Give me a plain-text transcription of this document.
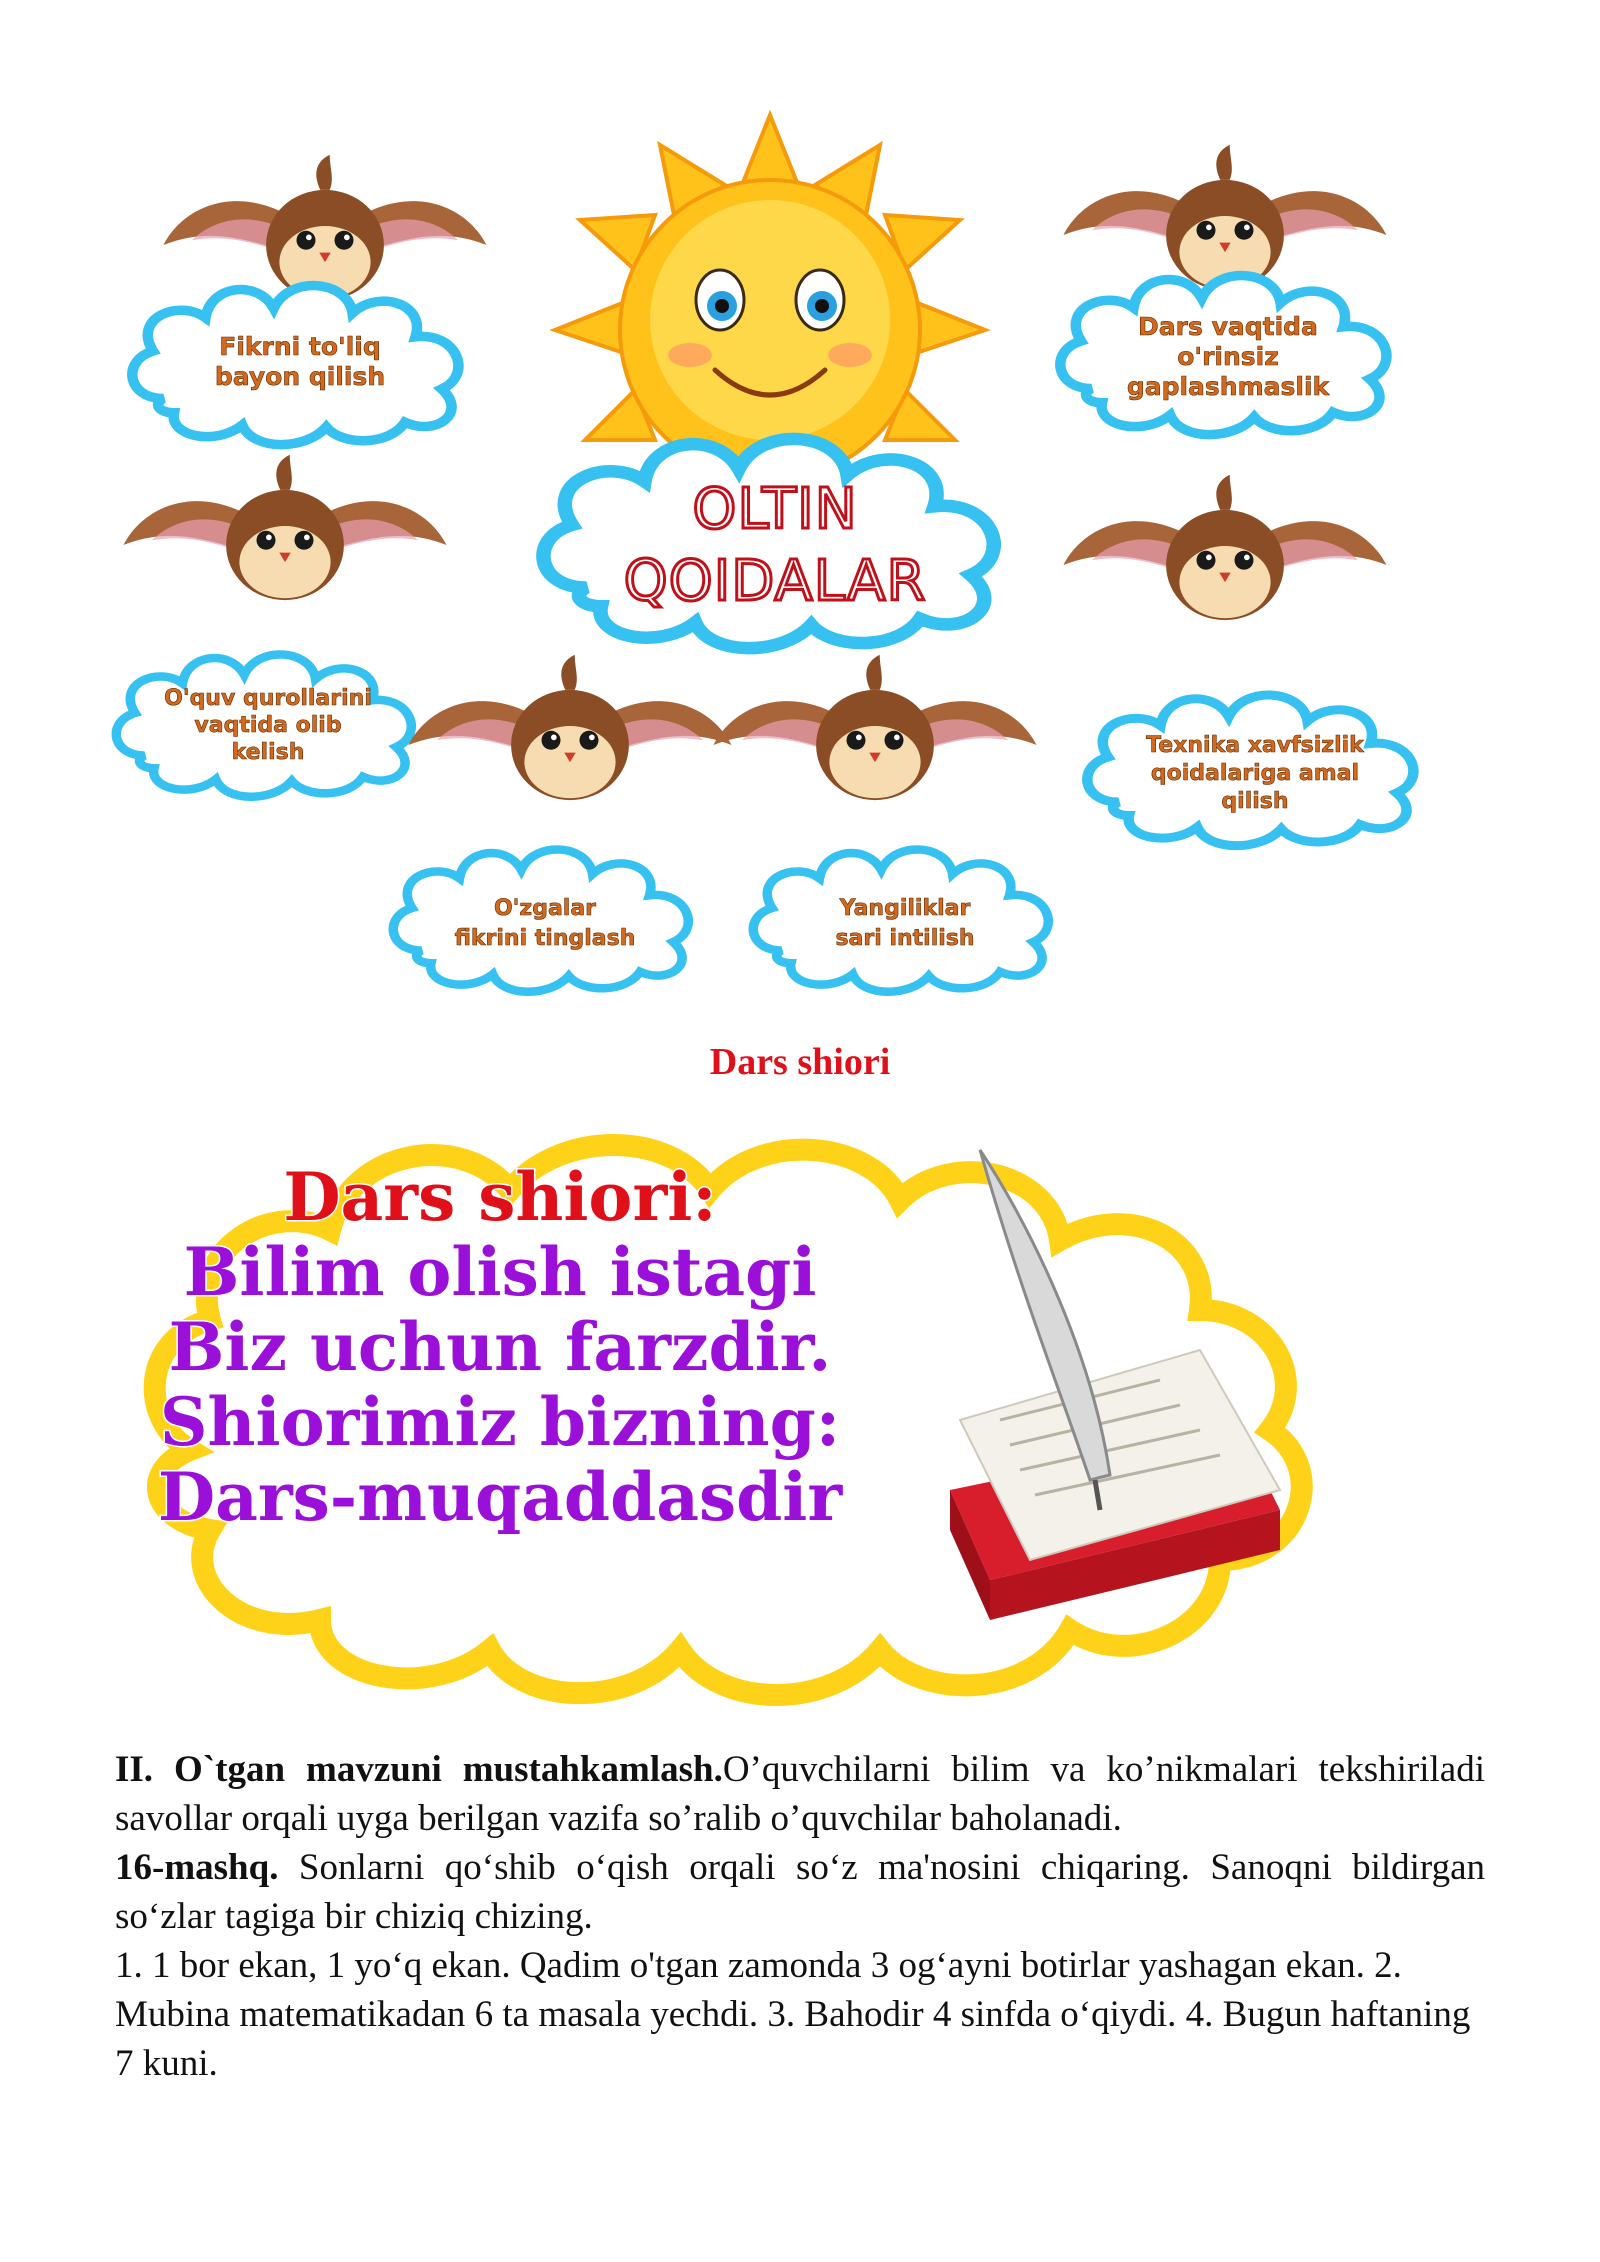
OLTIN
QOIDALAR
Fikrni to'liq
bayon qilish
Dars vaqtida
o'rinsiz
gaplashmaslik
O'quv qurollarini
vaqtida olib
kelish	Texnika xavfsizlik
qoidalariga amal
qilish
O'zgalar
fikrini tinglash
Yangiliklar
sari intilish
Dars shiori
Dars shiori:
Bilim olish istagi
Biz uchun farzdir.
Shiorimiz bizning:
Dars-muqaddasdir

II. O`tgan mavzuni mustahkamlash.O’quvchilarni bilim va ko’nikmalari tekshiriladi savollar orqali uyga berilgan vazifa so’ralib o’quvchilar baholanadi.

16-mashq. Sonlarni qo‘shib o‘qish orqali so‘z ma'nosini chiqaring. Sanoqni bildirgan so‘zlar tagiga bir chiziq chizing.

1. 1 bor ekan, 1 yo‘q ekan. Qadim o'tgan zamonda 3 og‘ayni botirlar yashagan ekan. 2. Mubina matematikadan 6 ta masala yechdi. 3. Bahodir 4 sinfda o‘qiydi. 4. Bugun haftaning 7 kuni.
